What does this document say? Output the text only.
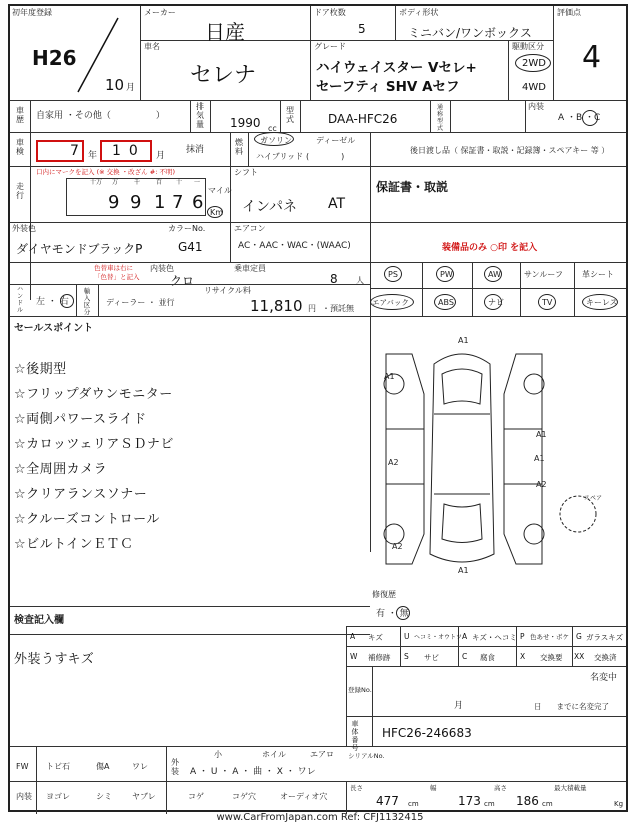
初年度登録
H26
10 月
メーカー
日産
ドア枚数
5
ボディ形状
ミニバン/ワンボックス
評価点
4
車名
セレナ
グレード
ハイウェイスター Vセレ+
セーフティ SHV Aセフ
駆動区分
2WD
4WD
車歴 自家用 ・その他（　　　　　）
排気量 1990 cc
型式	DAA-HFC26
通称型式
内装
A ・B ・C
車検	7 年 10 月
抹消
燃料
ガソリン	ディーゼル
ハイブリッド (　　　　)
後日渡し品（ 保証書・取説・記録簿・スペアキー 等 ）
走行
口内にマークを記入 (※ 交換 ・改ざん #: 不明)
十万 万	千	百 十 一
9 9 1 7 6
マイル
Km
シフト
インパネ AT
保証書・取説
外装色
ダイヤモンドブラックP
カラーNo.
G41
エアコン
AC・AAC・WAC・(WAAC)	装備品のみ ○印 を記入
色替車は右に
「色替」と記入
内装色
クロ
乗車定員
8 人
PS	PW	AW	サンルーフ 革シート
エアバック	ABS	ナビ	TV	キーレス
ハンドル
左 ・ 右
輸入区分
ディーラー ・ 並行
リサイクル料
11,810 円 ・預託無
セールスポイント
☆後期型
☆フリップダウンモニター
☆両側パワースライド
☆カロッツェリアＳＤナビ
☆全周囲カメラ
☆クリアランスソナー
☆クルーズコントロール
☆ビルトインＥＴＣ
A1
A1
A1
A2	A1
A2
A2
A1
スペア
修復歴
有 ・ 無
検査記入欄
外装うすキズ
A キズ	U ヘコミ・オウトツ A キズ・ヘコミ P 色あせ・ボケ G ガラスキズ
W 補修跡 S サビ	C 腐食	X 交換要 XX 交換済
登録No.
名変中
月	日　　までに名変完了
車体番号
HFC26-246683
シリアルNo.
FW トビ石	傷A	ワレ	外装
小	ホイル	エアロ
A ・ U ・ A ・ 曲 ・ X ・ ワレ
内装 ヨゴレ	シミ	ヤブレ	コゲ	コゲ穴	オーディオ穴
長さ
477 cm
幅
173 cm
高さ
186 cm
最大積載量
Kg
www.CarFromJapan.com Ref: CFJ1132415
